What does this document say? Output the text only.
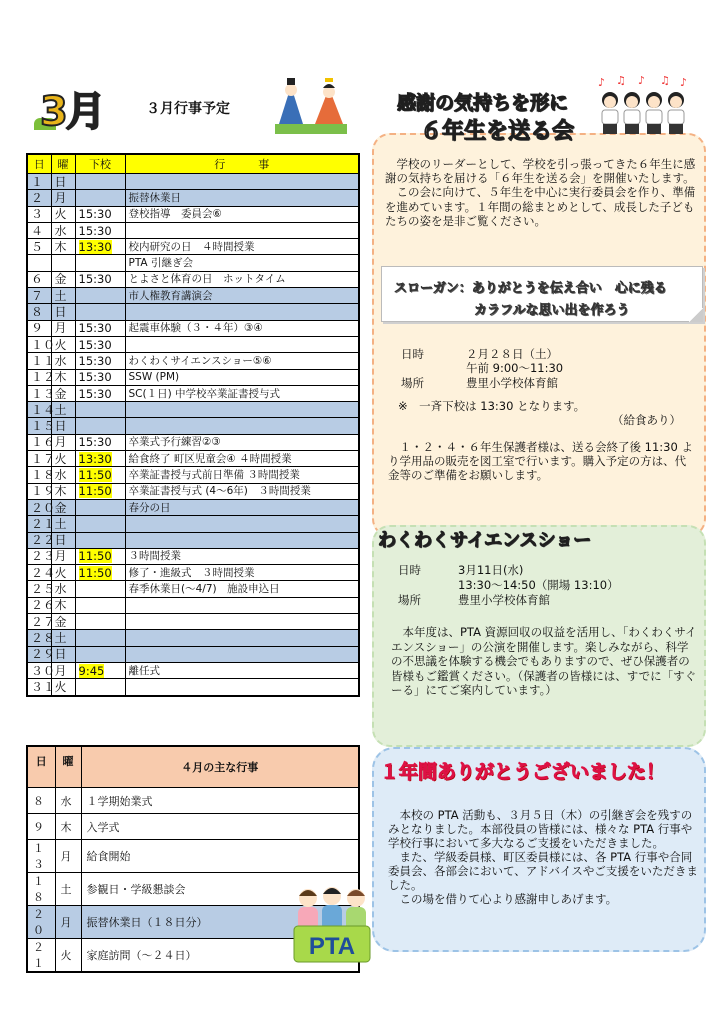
3月	３月行事予定
日	曜	下校	行　　　事
１	日		
２	月		振替休業日
３	火	15:30	登校指導　委員会⑥
４	水	15:30	
５	木	13:30	校内研究の日　４時間授業
			PTA 引継ぎ会
６	金	15:30	とよさと体育の日　ホットタイム
７	土		市人権教育講演会
８	日		
９	月	15:30	起震車体験（３・４年）③④
１０	火	15:30	
１１	水	15:30	わくわくサイエンスショー⑤⑥
１２	木	15:30	SSW (PM)
１３	金	15:30	SC(１日) 中学校卒業証書授与式
１４	土		
１５	日		
１６	月	15:30	卒業式予行練習②③
１７	火	13:30	給食終了 町区児童会④ ４時間授業
１８	水	11:50	卒業証書授与式前日準備 ３時間授業
１９	木	11:50	卒業証書授与式 (4～6年)　３時間授業
２０	金		春分の日
２１	土		
２２	日		
２３	月	11:50	３時間授業
２４	火	11:50	修了・進級式　３時間授業
２５	水		春季休業日(～4/7)　施設申込日
２６	木		
２７	金		
２８	土		
２９	日		
３０	月	9:45	離任式
３１	火		
日	曜	４月の主な行事
８	水	１学期始業式
９	木	入学式
１３	月	給食開始
１８	土	参観日・学級懇談会
２０	月	振替休業日（１８日分）
２１	火	家庭訪問（～２４日）	PTA
感謝の気持ちを形に
６年生を送る会
♪ ♫ ♪ ♫ ♪

　学校のリーダーとして、学校を引っ張ってきた６年生に感謝の気持ちを届ける「６年生を送る会」を開催いたします。

　この会に向けて、５年生を中心に実行委員会を作り、準備を進めています。１年間の総まとめとして、成長した子どもたちの姿を是非ご覧ください。

スローガン：ありがとうを伝え合い　心に残る
カラフルな思い出を作ろう
日時	２月２８日（土）
午前 9:00～11:30
場所	豊里小学校体育館
※　一斉下校は 13:30 となります。
（給食あり）
　１・２・４・６年生保護者様は、送る会終了後 11:30 より学用品の販売を図工室で行います。購入予定の方は、代金等のご準備をお願いします。
わくわくサイエンスショー
日時	3月11日(水)
13:30～14:50（開場 13:10）
場所	豊里小学校体育館
　本年度は、PTA 資源回収の収益を活用し、「わくわくサイエンスショー」の公演を開催します。楽しみながら、科学の不思議を体験する機会でもありますので、ぜひ保護者の皆様もご鑑賞ください。（保護者の皆様には、すでに「すぐーる」にてご案内しています。）
１年間ありがとうございました！

　本校の PTA 活動も、３月５日（木）の引継ぎ会を残すのみとなりました。本部役員の皆様には、様々な PTA 行事や学校行事において多大なるご支援をいただきました。

　また、学級委員様、町区委員様には、各 PTA 行事や合同委員会、各部会において、アドバイスやご支援をいただきました。

　この場を借りて心より感謝申しあげます。
